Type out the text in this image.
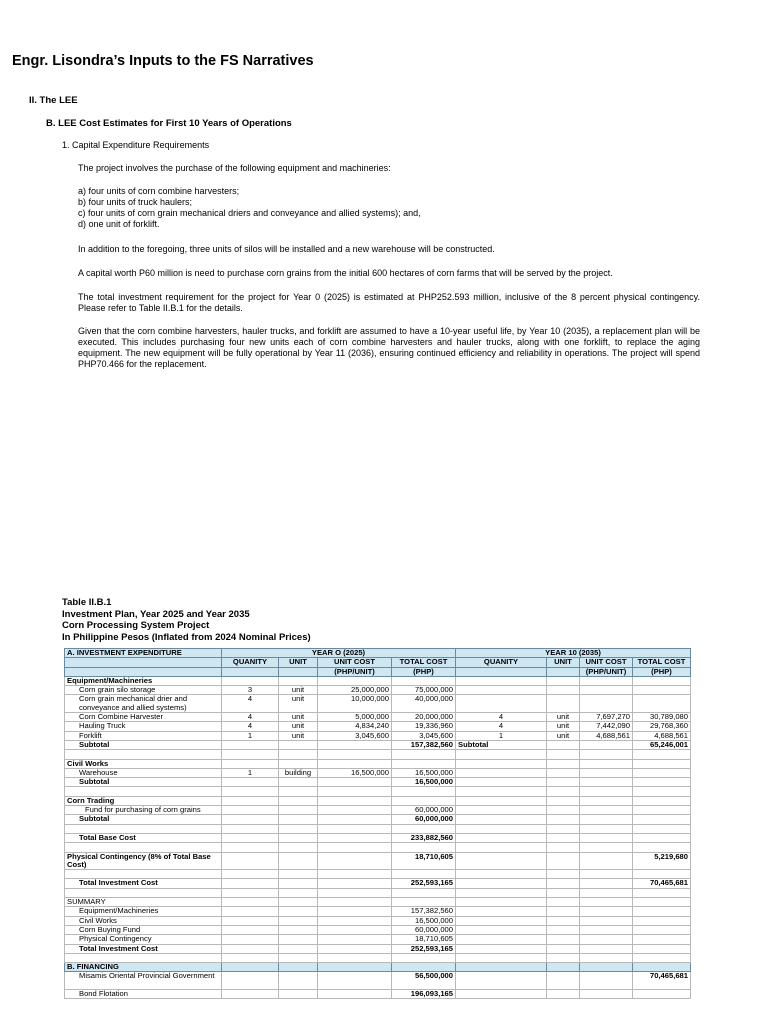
Engr. Lisondra’s Inputs to the FS Narratives
II. The LEE
B. LEE Cost Estimates for First 10 Years of Operations
1. Capital Expenditure Requirements

The project involves the purchase of the following equipment and machineries:

a) four units of corn combine harvesters;
b) four units of truck haulers;
c) four units of corn grain mechanical driers and conveyance and allied systems); and,
d) one unit of forklift.

In addition to the foregoing, three units of silos will be installed and a new warehouse will be constructed.

A capital worth P60 million is need to purchase corn grains from the initial 600 hectares of corn farms that will be served by the project.

The total investment requirement for the project for Year 0 (2025) is estimated at PHP252.593 million, inclusive of the 8 percent physical contingency. Please refer to Table II.B.1 for the details.

Given that the corn combine harvesters, hauler trucks, and forklift are assumed to have a 10-year useful life, by Year 10 (2035), a replacement plan will be executed. This includes purchasing four new units each of corn combine harvesters and hauler trucks, along with one forklift, to replace the aging equipment. The new equipment will be fully operational by Year 11 (2036), ensuring continued efficiency and reliability in operations. The project will spend PHP70.466 for the replacement.

Table II.B.1
Investment Plan, Year 2025 and Year 2035
Corn Processing System Project
In Philippine Pesos (Inflated from 2024 Nominal Prices)
A. INVESTMENT EXPENDITURE	YEAR O (2025)				YEAR 10 (2035)			
	QUANITY	UNIT	UNIT COST	TOTAL COST	QUANITY	UNIT	UNIT COST	TOTAL COST
			(PHP/UNIT)	(PHP)			(PHP/UNIT)	(PHP)
Equipment/Machineries								
Corn grain silo storage	3	unit	25,000,000	75,000,000				
Corn grain mechanical drier and conveyance and allied systems)	4	unit	10,000,000	40,000,000				
Corn Combine Harvester	4	unit	5,000,000	20,000,000	4	unit	7,697,270	30,789,080
Hauling Truck	4	unit	4,834,240	19,336,960	4	unit	7,442,090	29,768,360
Forklift	1	unit	3,045,600	3,045,600	1	unit	4,688,561	4,688,561
Subtotal				157,382,560	Subtotal			65,246,001

Civil Works								
Warehouse	1	building	16,500,000	16,500,000				
Subtotal				16,500,000				

Corn Trading								
Fund for purchasing of corn grains				60,000,000				
Subtotal				60,000,000				

Total Base Cost				233,882,560				

Physical Contingency (8% of Total Base Cost)				18,710,605				5,219,680

Total Investment Cost				252,593,165				70,465,681

SUMMARY								
Equipment/Machineries				157,382,560				
Civil Works				16,500,000				
Corn Buying Fund				60,000,000				
Physical Contingency				18,710,605				
Total Investment Cost				252,593,165				

B. FINANCING								
Misamis Oriental Provincial Government				56,500,000				70,465,681
Bond Flotation				196,093,165				
